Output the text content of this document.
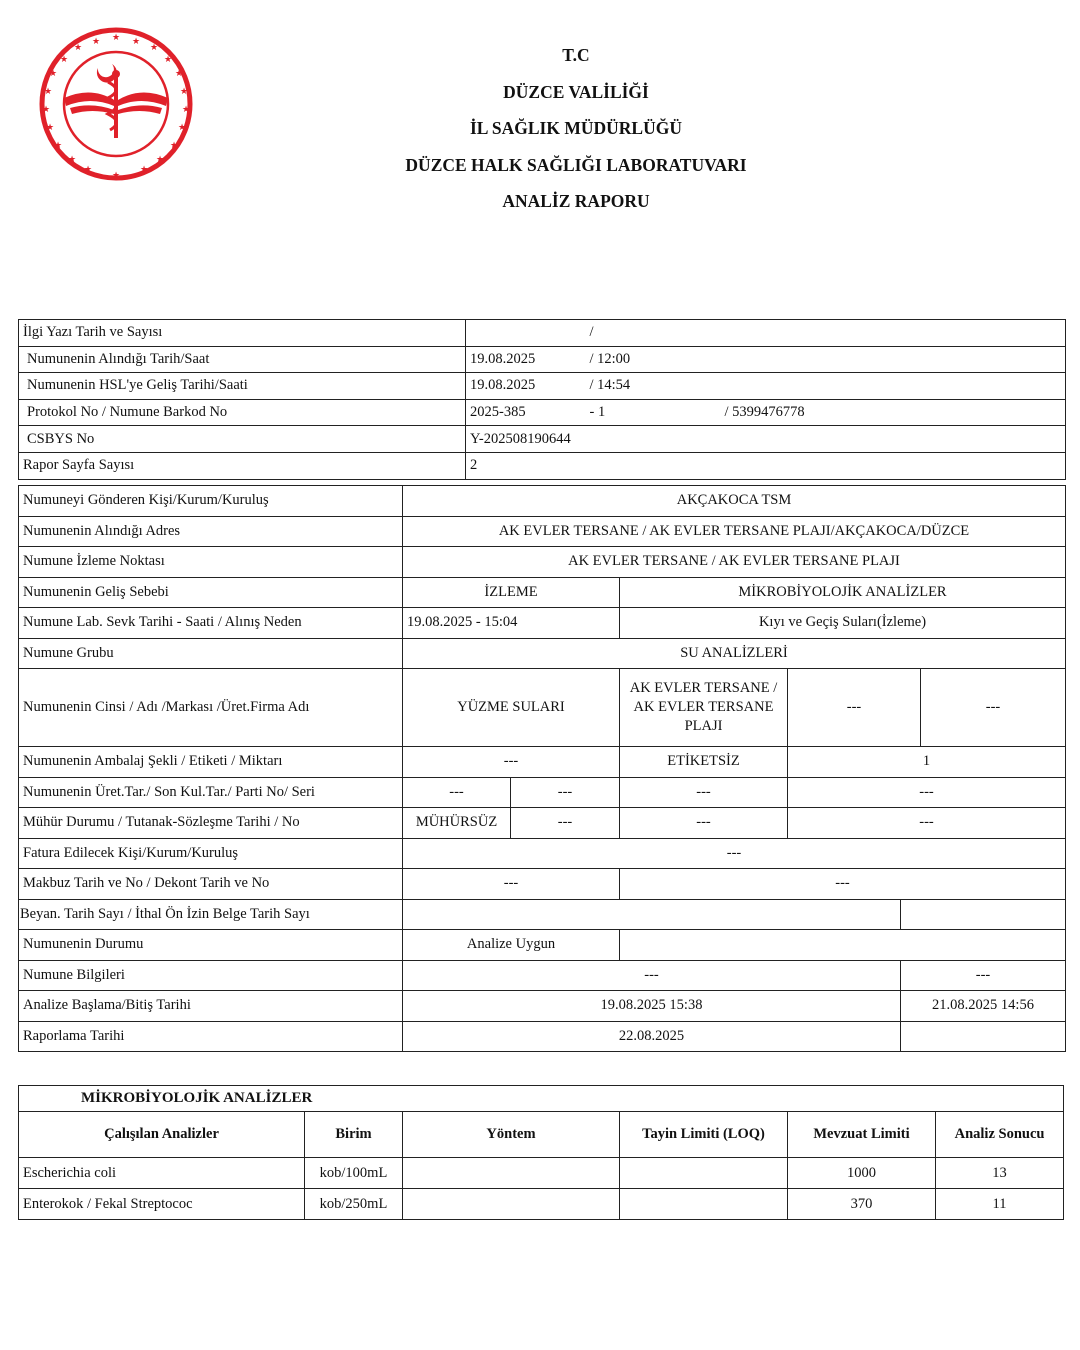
★
★
★
★
★
★
★
★
★
★
★
★
★	★
★
★
★
★
★
★
★
★
T.C
DÜZCE VALİLİĞİ
İL SAĞLIK MÜDÜRLÜĞÜ
DÜZCE HALK SAĞLIĞI LABORATUVARI
ANALİZ RAPORU
İlgi Yazı Tarih ve Sayısı		/	
Numunenin Alındığı Tarih/Saat	19.08.2025	/ 12:00	
Numunenin HSL'ye Geliş Tarihi/Saati	19.08.2025	/ 14:54	
Protokol No / Numune Barkod No	2025-385	- 1	/ 5399476778
CSBYS No	Y-202508190644		
Rapor Sayfa Sayısı	2		
Numuneyi Gönderen Kişi/Kurum/Kuruluş	AKÇAKOCA TSM					
Numunenin Alındığı Adres	AK EVLER TERSANE / AK EVLER TERSANE PLAJI/AKÇAKOCA/DÜZCE					
Numune İzleme Noktası	AK EVLER TERSANE / AK EVLER TERSANE PLAJI					
Numunenin Geliş Sebebi	İZLEME		MİKROBİYOLOJİK ANALİZLER			
Numune Lab. Sevk Tarihi - Saati / Alınış Neden	19.08.2025 - 15:04		Kıyı ve Geçiş Suları(İzleme)			
Numune Grubu	SU ANALİZLERİ					
Numunenin Cinsi / Adı /Markası /Üret.Firma Adı	YÜZME SULARI		AK EVLER TERSANE / AK EVLER TERSANE PLAJI	---		---
Numunenin Ambalaj Şekli / Etiketi / Miktarı	---		ETİKETSİZ	1		
Numunenin Üret.Tar./ Son Kul.Tar./ Parti No/ Seri	---	---	---	---		
Mühür Durumu / Tutanak-Sözleşme Tarihi / No	MÜHÜRSÜZ	---	---	---		
Fatura Edilecek Kişi/Kurum/Kuruluş	---					
Makbuz Tarih ve No / Dekont Tarih ve No	---		---			
Beyan. Tarih Sayı / İthal Ön İzin Belge Tarih Sayı						
Numunenin Durumu	Analize Uygun					
Numune Bilgileri	---				---	
Analize Başlama/Bitiş Tarihi	19.08.2025 15:38				21.08.2025 14:56	
Raporlama Tarihi	22.08.2025					
MİKROBİYOLOJİK ANALİZLER					
Çalışılan Analizler	Birim	Yöntem	Tayin Limiti (LOQ)	Mevzuat Limiti	Analiz Sonucu
Escherichia coli	kob/100mL			1000	13
Enterokok / Fekal Streptococ	kob/250mL			370	11
